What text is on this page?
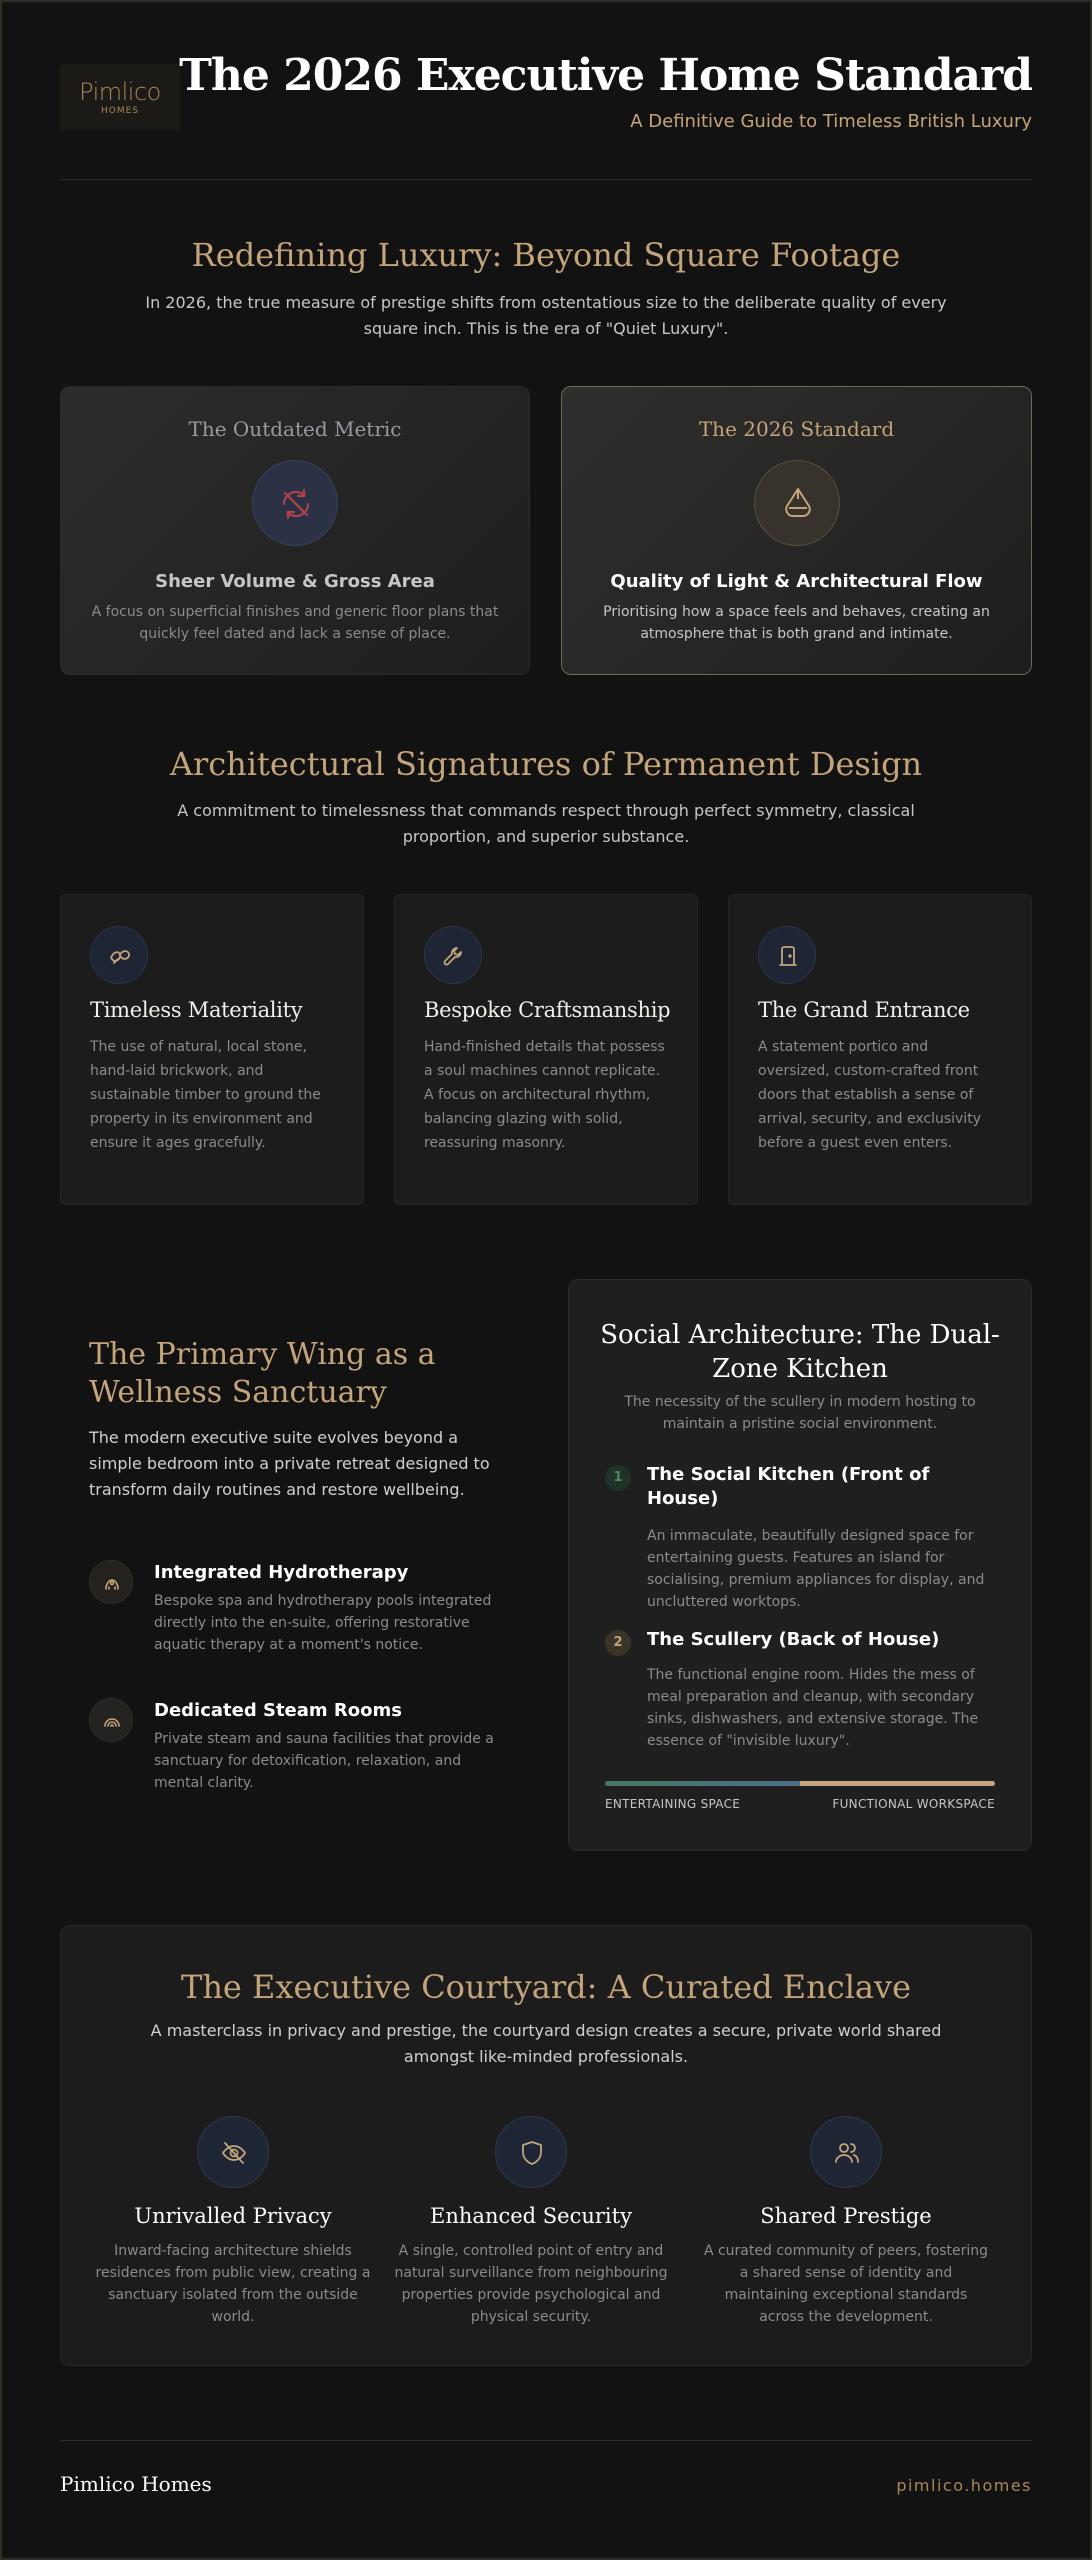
Pimlico
HOMES
The 2026 Executive Home Standard
A Definitive Guide to Timeless British Luxury
Redefining Luxury: Beyond Square Footage
In 2026, the true measure of prestige shifts from ostentatious size to the deliberate quality of every square inch. This is the era of "Quiet Luxury".
The Outdated Metric
Sheer Volume & Gross Area
A focus on superficial finishes and generic floor plans that quickly feel dated and lack a sense of place.
The 2026 Standard
Quality of Light & Architectural Flow
Prioritising how a space feels and behaves, creating an atmosphere that is both grand and intimate.
Architectural Signatures of Permanent Design
A commitment to timelessness that commands respect through perfect symmetry, classical proportion, and superior substance.
Timeless Materiality
The use of natural, local stone, hand-laid brickwork, and sustainable timber to ground the property in its environment and ensure it ages gracefully.
Bespoke Craftsmanship
Hand-finished details that possess a soul machines cannot replicate. A focus on architectural rhythm, balancing glazing with solid, reassuring masonry.
The Grand Entrance
A statement portico and oversized, custom-crafted front doors that establish a sense of arrival, security, and exclusivity before a guest even enters.
The Primary Wing as a Wellness Sanctuary
The modern executive suite evolves beyond a simple bedroom into a private retreat designed to transform daily routines and restore wellbeing.
Integrated Hydrotherapy
Bespoke spa and hydrotherapy pools integrated directly into the en-suite, offering restorative aquatic therapy at a moment's notice.
Dedicated Steam Rooms
Private steam and sauna facilities that provide a sanctuary for detoxification, relaxation, and mental clarity.
Social Architecture: The Dual-Zone Kitchen
The necessity of the scullery in modern hosting to maintain a pristine social environment.
1	The Social Kitchen (Front of House)
An immaculate, beautifully designed space for entertaining guests. Features an island for socialising, premium appliances for display, and uncluttered worktops.
2	The Scullery (Back of House)
The functional engine room. Hides the mess of meal preparation and cleanup, with secondary sinks, dishwashers, and extensive storage. The essence of "invisible luxury".
ENTERTAINING SPACE	FUNCTIONAL WORKSPACE
The Executive Courtyard: A Curated Enclave
A masterclass in privacy and prestige, the courtyard design creates a secure, private world shared amongst like-minded professionals.
Unrivalled Privacy
Inward-facing architecture shields residences from public view, creating a sanctuary isolated from the outside world.
Enhanced Security
A single, controlled point of entry and natural surveillance from neighbouring properties provide psychological and physical security.
Shared Prestige
A curated community of peers, fostering a shared sense of identity and maintaining exceptional standards across the development.
Pimlico Homes	pimlico.homes
